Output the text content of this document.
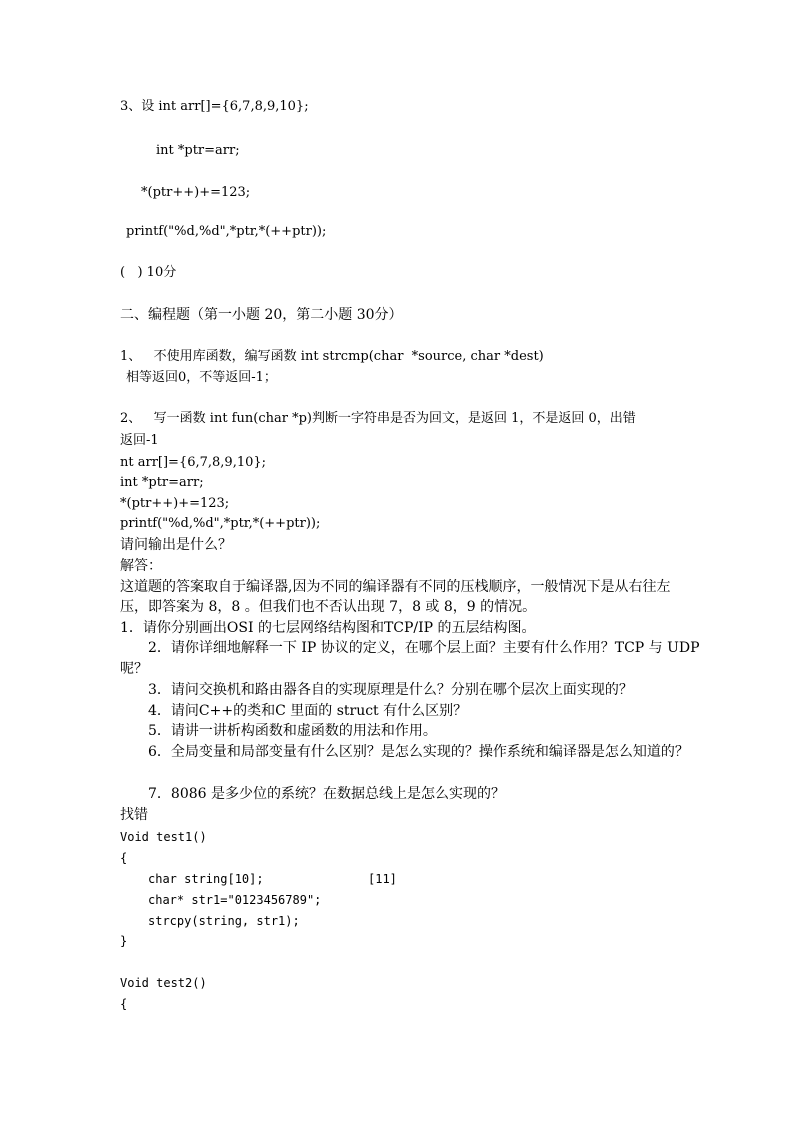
3、设 int arr[]={6,7,8,9,10};
int *ptr=arr;
*(ptr++)+=123;
printf("%d,%d",*ptr,*(++ptr));
(   ) 10分
二、编程题（第一小题 20，第二小题 30分）
1、   不使用库函数，编写函数 int strcmp(char  *source, char *dest)
相等返回0，不等返回-1；
2、   写一函数 int fun(char *p)判断一字符串是否为回文，是返回 1，不是返回 0，出错
返回-1
nt arr[]={6,7,8,9,10};
int *ptr=arr;
*(ptr++)+=123;
printf("%d,%d",*ptr,*(++ptr));
请问输出是什么？
解答：
这道题的答案取自于编译器,因为不同的编译器有不同的压栈顺序，一般情况下是从右往左
压，即答案为 8，8 。但我们也不否认出现 7，8 或 8，9 的情况。
1．请你分别画出OSI 的七层网络结构图和TCP/IP 的五层结构图。
2．请你详细地解释一下 IP 协议的定义，在哪个层上面？主要有什么作用？TCP 与 UDP
呢？
3．请问交换机和路由器各自的实现原理是什么？分别在哪个层次上面实现的？
4．请问C++的类和C 里面的 struct 有什么区别？
5．请讲一讲析构函数和虚函数的用法和作用。
6．全局变量和局部变量有什么区别？是怎么实现的？操作系统和编译器是怎么知道的？
7．8086 是多少位的系统？在数据总线上是怎么实现的？
找错
Void test1()
{
char string[10];	[11]
char* str1="0123456789";
strcpy(string, str1);
}
Void test2()
{
